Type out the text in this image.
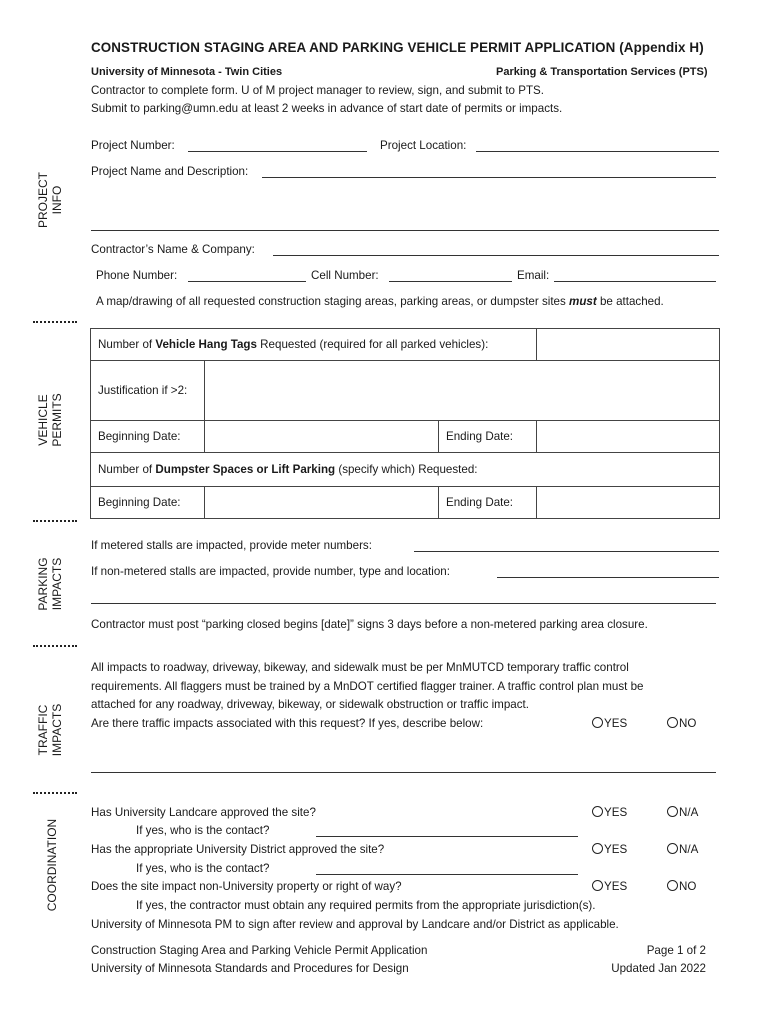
CONSTRUCTION STAGING AREA AND PARKING VEHICLE PERMIT APPLICATION (Appendix H)
University of Minnesota - Twin Cities	Parking & Transportation Services (PTS)
Contractor to complete form. U of M project manager to review, sign, and submit to PTS.
Submit to parking@umn.edu at least 2 weeks in advance of start date of permits or impacts.
PROJECT
INFO
VEHICLE
PERMITS
PARKING
IMPACTS
TRAFFIC
IMPACTS
COORDINATION
Project Number:	Project Location:
Project Name and Description:
Contractor’s Name & Company:
Phone Number:	Cell Number:	Email:
A map/drawing of all requested construction staging areas, parking areas, or dumpster sites must be attached.
Number of Vehicle Hang Tags Requested (required for all parked vehicles):			
Justification if >2:			
Beginning Date:		Ending Date:	
Number of Dumpster Spaces or Lift Parking (specify which) Requested:			
Beginning Date:		Ending Date:	
If metered stalls are impacted, provide meter numbers:
If non-metered stalls are impacted, provide number, type and location:
Contractor must post “parking closed begins [date]” signs 3 days before a non-metered parking area closure.
All impacts to roadway, driveway, bikeway, and sidewalk must be per MnMUTCD temporary traffic control
requirements. All flaggers must be trained by a MnDOT certified flagger trainer. A traffic control plan must be
attached for any roadway, driveway, bikeway, or sidewalk obstruction or traffic impact.
Are there traffic impacts associated with this request? If yes, describe below:	YES	NO
Has University Landcare approved the site?	YES	N/A
If yes, who is the contact?
Has the appropriate University District approved the site?	YES	N/A
If yes, who is the contact?
Does the site impact non-University property or right of way?	YES	NO
If yes, the contractor must obtain any required permits from the appropriate jurisdiction(s).
University of Minnesota PM to sign after review and approval by Landcare and/or District as applicable.
Construction Staging Area and Parking Vehicle Permit Application
University of Minnesota Standards and Procedures for Design
Page 1 of 2
Updated Jan 2022
